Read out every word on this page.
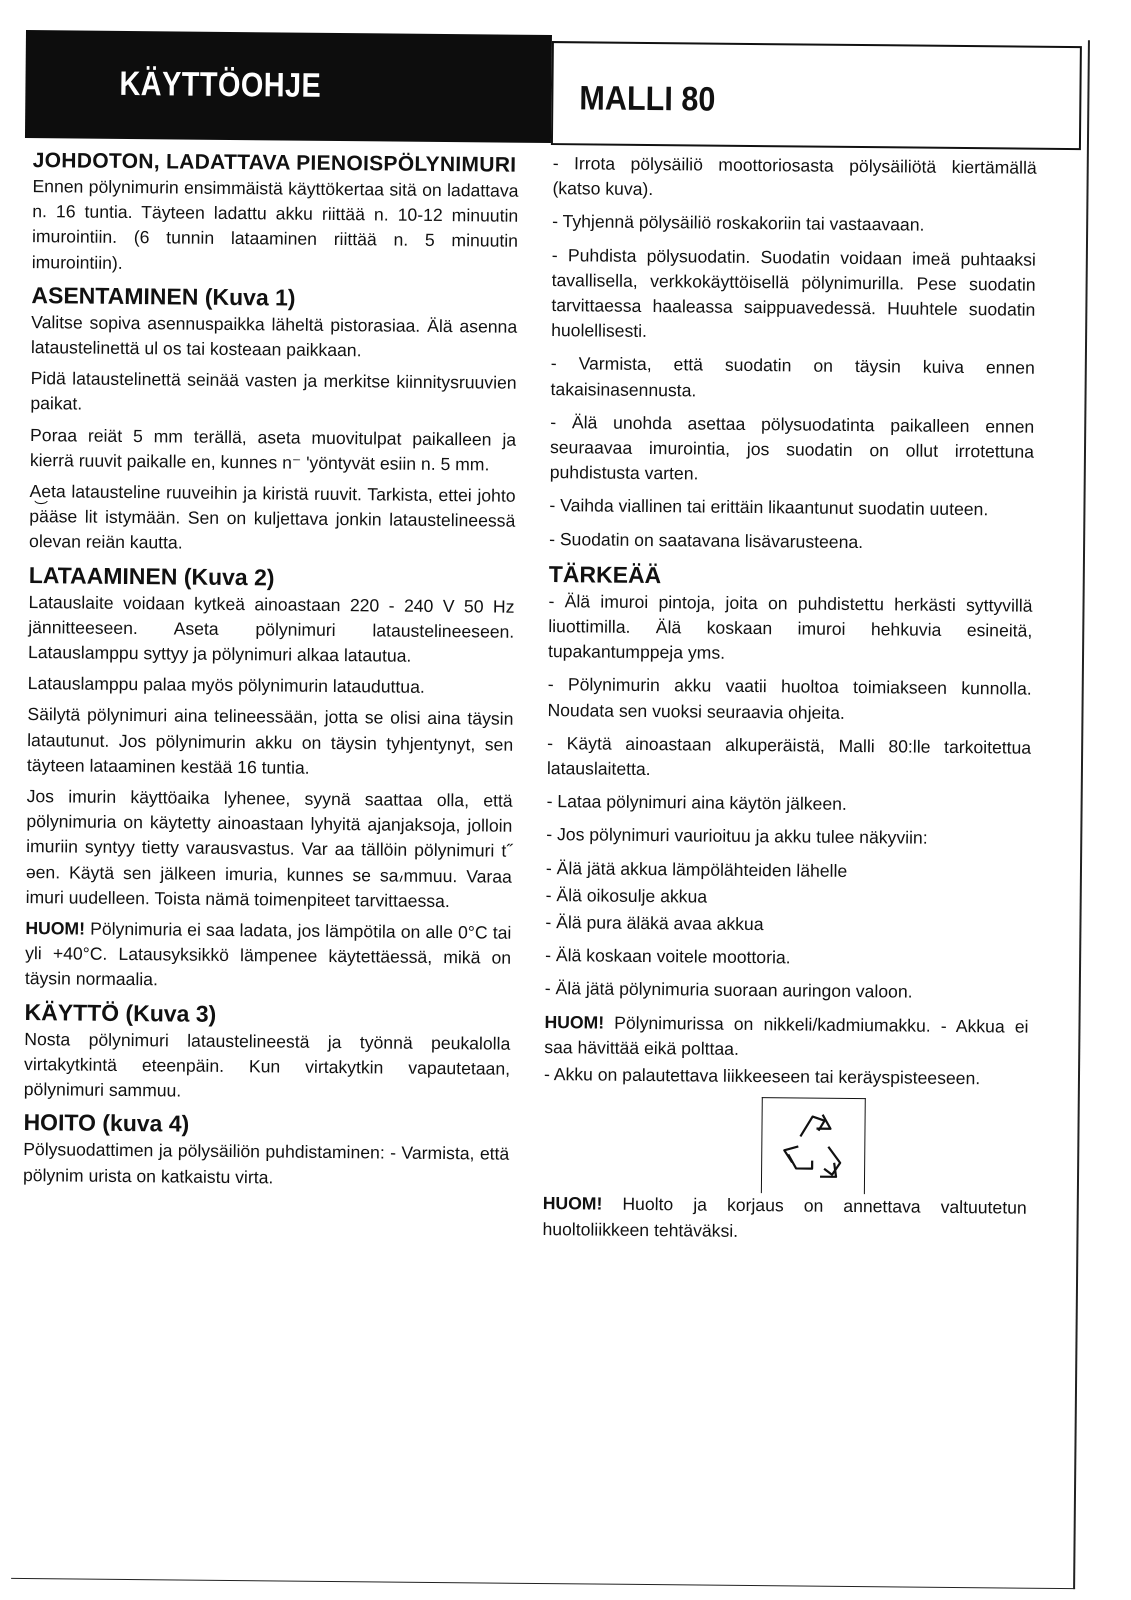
KÄYTTÖOHJE	MALLI 80
JOHDOTON, LADATTAVA PIENOISPÖLYNIMURI

Ennen pölynimurin ensimmäistä käyttökertaa sitä on ladattava n. 16 tuntia. Täyteen ladattu akku riittää n. 10-12 minuutin imurointiin. (6 tunnin lataaminen riittää n. 5 minuutin imurointiin).

ASENTAMINEN (Kuva 1)

Valitse sopiva asennuspaikka läheltä pistorasiaa. Älä asenna lataustelinettä ul os tai kosteaan paikkaan.

Pidä lataustelinettä seinää vasten ja merkitse kiinnitysruuvien paikat.

Poraa reiät 5 mm terällä, aseta muovitulpat paikalleen ja kierrä ruuvit paikalle en, kunnes n⁻ 'yöntyvät esiin n. 5 mm.

A͜eta latausteline ruuveihin ja kiristä ruuvit. Tarkista, ettei johto pääse lit istymään. Sen on kuljettava jonkin lataustelineessä olevan reiän kautta.

LATAAMINEN (Kuva 2)

Latauslaite voidaan kytkeä ainoastaan 220 - 240 V 50 Hz jännitteeseen. Aseta pölynimuri lataustelineeseen. Latauslamppu syttyy ja pölynimuri alkaa latautua.

Latauslamppu palaa myös pölynimurin latauduttua.

Säilytä pölynimuri aina telineessään, jotta se olisi aina täysin latautunut. Jos pölynimurin akku on täysin tyhjentynyt, sen täyteen lataaminen kestää 16 tuntia.

Jos imurin käyttöaika lyhenee, syynä saattaa olla, että pölynimuria on käytetty ainoastaan lyhyitä ajanjaksoja, jolloin imuriin syntyy tietty varausvastus. Var aa tällöin pölynimuri t˝ ǝen. Käytä sen jälkeen imuria, kunnes se sa៸mmuu. Varaa imuri uudelleen. Toista nämä toimenpiteet tarvittaessa.

HUOM! Pölynimuria ei saa ladata, jos lämpötila on alle 0°C tai yli +40°C. Latausyksikkö lämpenee käytettäessä, mikä on täysin normaalia.

KÄYTTÖ (Kuva 3)

Nosta pölynimuri lataustelineestä ja työnnä peukalolla virtakytkintä eteenpäin. Kun virtakytkin vapautetaan, pölynimuri sammuu.

HOITO (kuva 4)

Pölysuodattimen ja pölysäiliön puhdistaminen: - Varmista, että pölynim urista on katkaistu virta.

- Irrota pölysäiliö moottoriosasta pölysäiliötä kiertämällä (katso kuva).

- Tyhjennä pölysäiliö roskakoriin tai vastaavaan.

- Puhdista pölysuodatin. Suodatin voidaan imeä puhtaaksi tavallisella, verkkokäyttöisellä pölynimurilla. Pese suodatin tarvittaessa haaleassa saippuavedessä. Huuhtele suodatin huolellisesti.

- Varmista, että suodatin on täysin kuiva ennen takaisinasennusta.

- Älä unohda asettaa pölysuodatinta paikalleen ennen seuraavaa imurointia, jos suodatin on ollut irrotettuna puhdistusta varten.

- Vaihda viallinen tai erittäin likaantunut suodatin uuteen.

- Suodatin on saatavana lisävarusteena.

TÄRKEÄÄ

- Älä imuroi pintoja, joita on puhdistettu herkästi syttyvillä liuottimilla. Älä koskaan imuroi hehkuvia esineitä, tupakantumppeja yms.

- Pölynimurin akku vaatii huoltoa toimiakseen kunnolla. Noudata sen vuoksi seuraavia ohjeita.

- Käytä ainoastaan alkuperäistä, Malli 80:lle tarkoitettua latauslaitetta.

- Lataa pölynimuri aina käytön jälkeen.

- Jos pölynimuri vaurioituu ja akku tulee näkyviin:

- Älä jätä akkua lämpölähteiden lähelle

- Älä oikosulje akkua

- Älä pura äläkä avaa akkua

- Älä koskaan voitele moottoria.

- Älä jätä pölynimuria suoraan auringon valoon.

HUOM! Pölynimurissa on nikkeli/kadmiumakku. - Akkua ei saa hävittää eikä polttaa.

- Akku on palautettava liikkeeseen tai keräyspisteeseen.

HUOM! Huolto ja korjaus on annettava valtuutetun huoltoliikkeen tehtäväksi.
